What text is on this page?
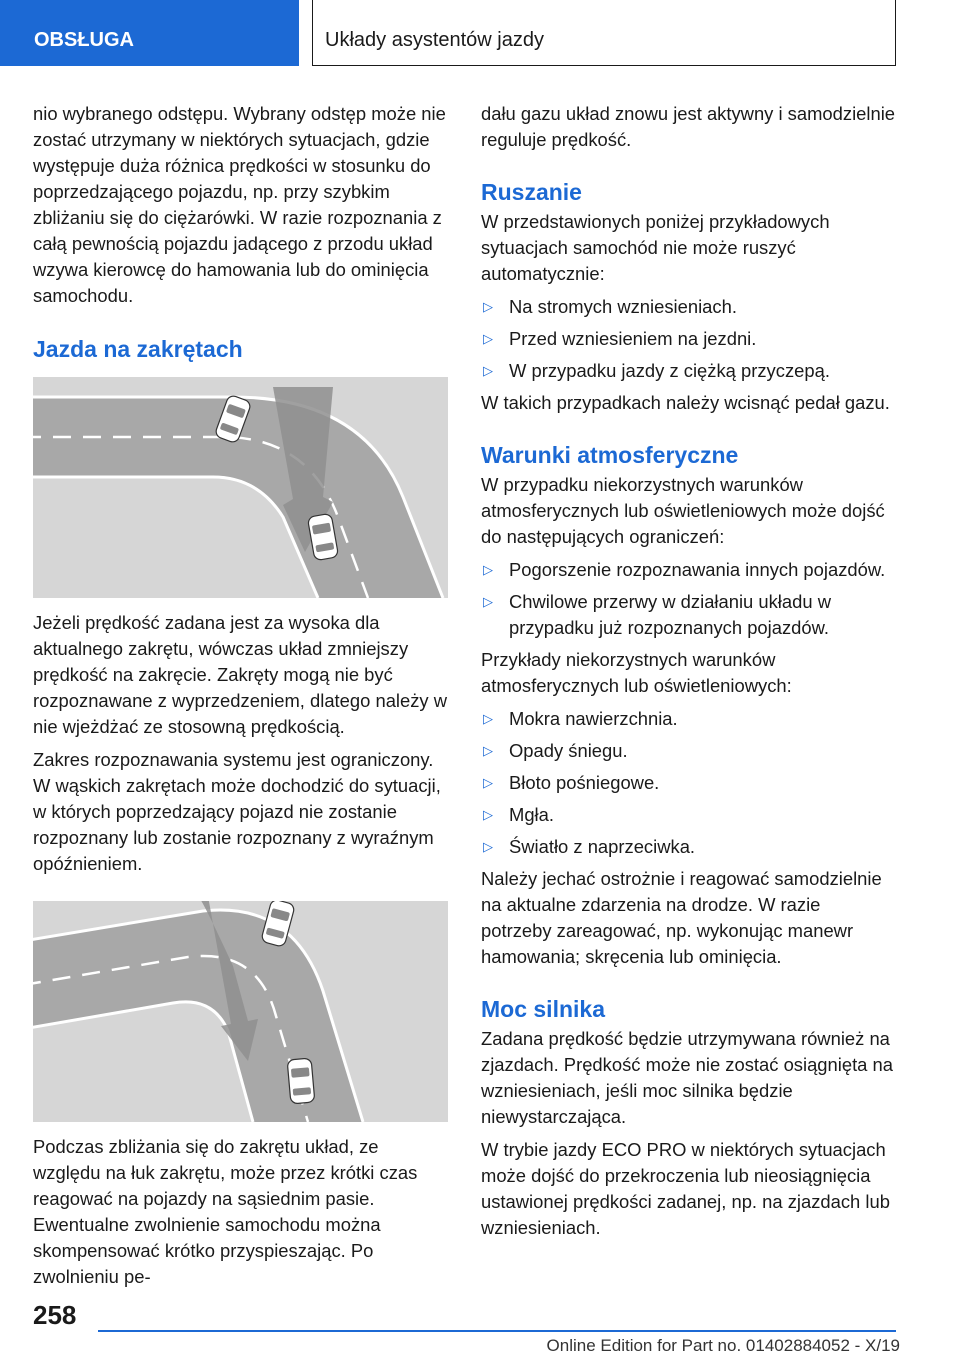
OBSŁUGA	Układy asystentów jazdy

nio wybranego odstępu. Wybrany odstęp może nie zostać utrzymany w niektórych sytuacjach, gdzie występuje duża różnica prędkości w stosunku do poprzedzającego pojazdu, np. przy szybkim zbliżaniu się do ciężarówki. W razie rozpoznania z całą pewnością pojazdu jadącego z przodu układ wzywa kierowcę do hamowania lub do ominięcia samochodu.

Jazda na zakrętach

Jeżeli prędkość zadana jest za wysoka dla aktualnego zakrętu, wówczas układ zmniejszy prędkość na zakręcie. Zakręty mogą nie być rozpoznawane z wyprzedzeniem, dlatego należy w nie wjeżdżać ze stosowną prędkością.

Zakres rozpoznawania systemu jest ograniczony. W wąskich zakrętach może dochodzić do sytuacji, w których poprzedzający pojazd nie zostanie rozpoznany lub zostanie rozpoznany z wyraźnym opóźnieniem.

Podczas zbliżania się do zakrętu układ, ze względu na łuk zakrętu, może przez krótki czas reagować na pojazdy na sąsiednim pasie. Ewentualne zwolnienie samochodu można skompensować krótko przyspieszając. Po zwolnieniu pe-

dału gazu układ znowu jest aktywny i samodzielnie reguluje prędkość.

Ruszanie

W przedstawionych poniżej przykładowych sytuacjach samochód nie może ruszyć automatycznie:

▷ Na stromych wzniesieniach.
▷ Przed wzniesieniem na jezdni.
▷ W przypadku jazdy z ciężką przyczepą.

W takich przypadkach należy wcisnąć pedał gazu.

Warunki atmosferyczne

W przypadku niekorzystnych warunków atmosferycznych lub oświetleniowych może dojść do następujących ograniczeń:

▷ Pogorszenie rozpoznawania innych pojazdów.
▷ Chwilowe przerwy w działaniu układu w przypadku już rozpoznanych pojazdów.

Przykłady niekorzystnych warunków atmosferycznych lub oświetleniowych:

▷ Mokra nawierzchnia.
▷ Opady śniegu.
▷ Błoto pośniegowe.
▷ Mgła.
▷ Światło z naprzeciwka.

Należy jechać ostrożnie i reagować samodzielnie na aktualne zdarzenia na drodze. W razie potrzeby zareagować, np. wykonując manewr hamowania; skręcenia lub ominięcia.

Moc silnika

Zadana prędkość będzie utrzymywana również na zjazdach. Prędkość może nie zostać osiągnięta na wzniesieniach, jeśli moc silnika będzie niewystarczająca.

W trybie jazdy ECO PRO w niektórych sytuacjach może dojść do przekroczenia lub nieosiągnięcia ustawionej prędkości zadanej, np. na zjazdach lub wzniesieniach.

258
Online Edition for Part no. 01402884052 - X/19
